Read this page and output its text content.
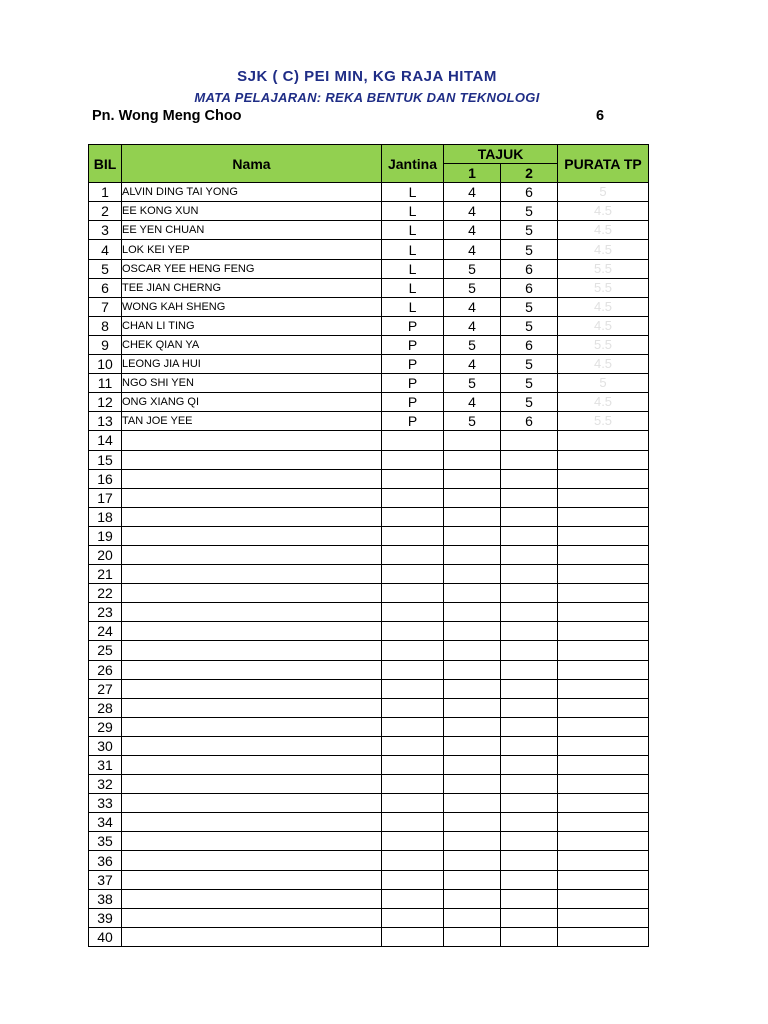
SJK ( C) PEI MIN, KG RAJA HITAM
MATA PELAJARAN: REKA BENTUK DAN TEKNOLOGI
Pn. Wong Meng Choo	6
BIL	Nama	Jantina	TAJUK		PURATA TP
			1	2	
1	ALVIN DING TAI YONG	L	4	6	5
2	EE KONG XUN	L	4	5	4.5
3	EE YEN CHUAN	L	4	5	4.5
4	LOK KEI YEP	L	4	5	4.5
5	OSCAR YEE HENG FENG	L	5	6	5.5
6	TEE JIAN CHERNG	L	5	6	5.5
7	WONG KAH SHENG	L	4	5	4.5
8	CHAN LI TING	P	4	5	4.5
9	CHEK QIAN YA	P	5	6	5.5
10	LEONG JIA HUI	P	4	5	4.5
11	NGO SHI YEN	P	5	5	5
12	ONG XIANG QI	P	4	5	4.5
13	TAN JOE YEE	P	5	6	5.5
14					
15					
16					
17					
18					
19					
20					
21					
22					
23					
24					
25					
26					
27					
28					
29					
30					
31					
32					
33					
34					
35					
36					
37					
38					
39					
40					
